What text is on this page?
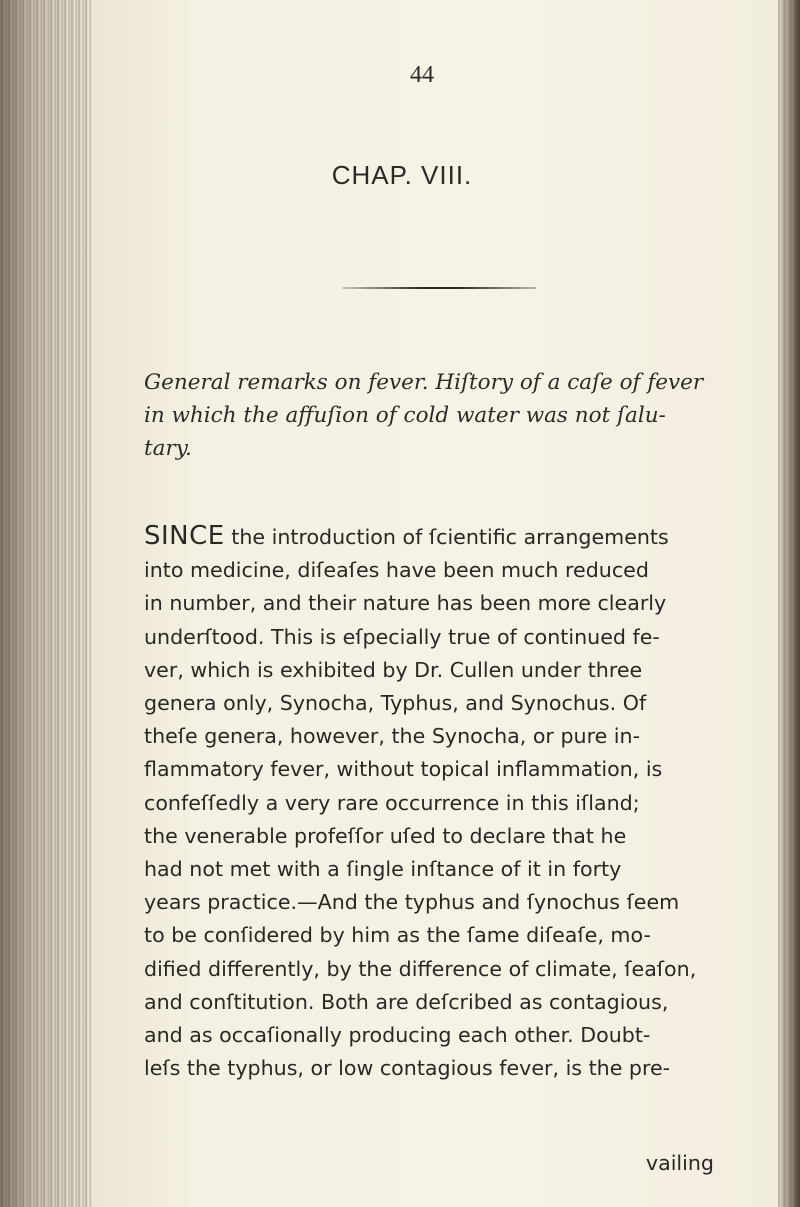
44
CHAP. VIII.

General remarks on fever. Hiſtory of a caſe of fever
in which the affuſion of cold water was not ſalu-
tary.

SINCE the introduction of ſcientific arrangements
into medicine, diſeaſes have been much reduced
in number, and their nature has been more clearly
underſtood. This is eſpecially true of continued fe-
ver, which is exhibited by Dr. Cullen under three
genera only, Synocha, Typhus, and Synochus. Of
theſe genera, however, the Synocha, or pure in-
flammatory fever, without topical inflammation, is
confeſſedly a very rare occurrence in this iſland;
the venerable profeſſor uſed to declare that he
had not met with a ſingle inſtance of it in forty
years practice.—And the typhus and ſynochus ſeem
to be conſidered by him as the ſame diſeaſe, mo-
dified differently, by the difference of climate, ſeaſon,
and conſtitution. Both are deſcribed as contagious,
and as occaſionally producing each other. Doubt-
leſs the typhus, or low contagious fever, is the pre-
vailing
